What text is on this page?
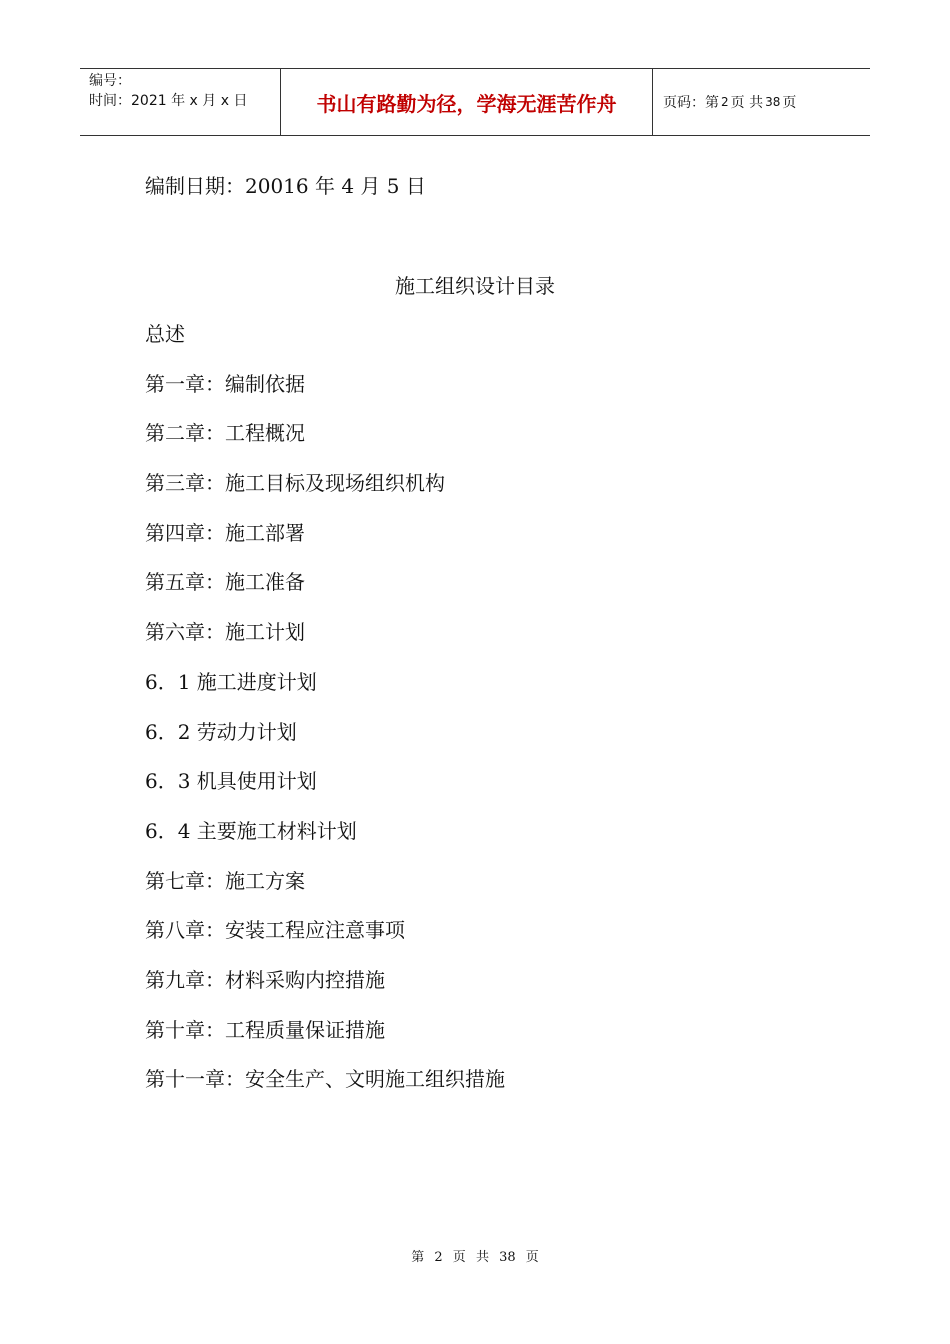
编号：
时间：2021 年 x 月 x 日	书山有路勤为径，学海无涯苦作舟	页码：第 2 页 共 38 页
编制日期：20016 年 4 月 5 日
施工组织设计目录
总述
第一章：编制依据
第二章：工程概况
第三章：施工目标及现场组织机构
第四章：施工部署
第五章：施工准备
第六章：施工计划
6．1 施工进度计划
6．2 劳动力计划
6．3 机具使用计划
6．4 主要施工材料计划
第七章：施工方案
第八章：安装工程应注意事项
第九章：材料采购内控措施
第十章：工程质量保证措施
第十一章：安全生产、文明施工组织措施
第 2 页 共 38 页
